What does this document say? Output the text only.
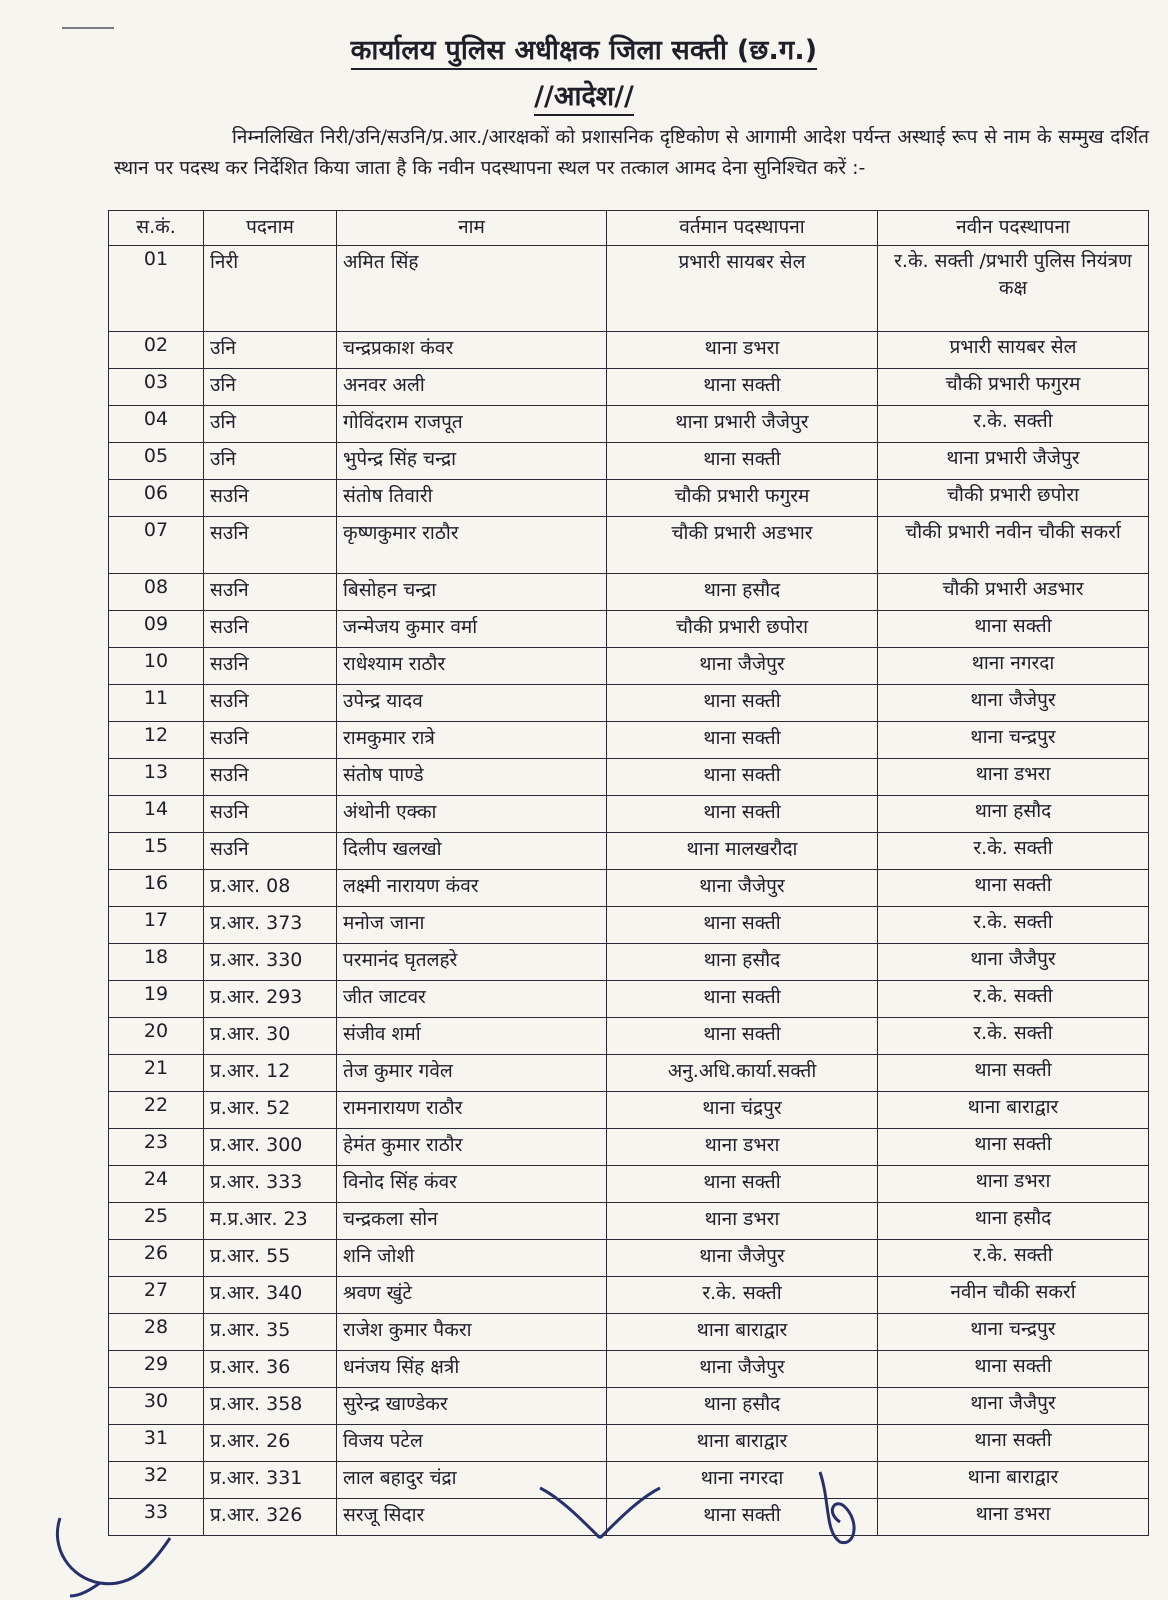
कार्यालय पुलिस अधीक्षक जिला सक्ती (छ.ग.)
//आदेश//
निम्नलिखित निरी/उनि/सउनि/प्र.आर./आरक्षकों को प्रशासनिक दृष्टिकोण से आगामी आदेश पर्यन्त अस्थाई रूप से नाम के सम्मुख दर्शित स्थान पर पदस्थ कर निर्देशित किया जाता है कि नवीन पदस्थापना स्थल पर तत्काल आमद देना सुनिश्चित करें :-
स.कं.	पदनाम	नाम	वर्तमान पदस्थापना	नवीन पदस्थापना
01	निरी	अमित सिंह	प्रभारी सायबर सेल	र.के. सक्ती /प्रभारी पुलिस नियंत्रण कक्ष
02	उनि	चन्द्रप्रकाश कंवर	थाना डभरा	प्रभारी सायबर सेल
03	उनि	अनवर अली	थाना सक्ती	चौकी प्रभारी फगुरम
04	उनि	गोविंदराम राजपूत	थाना प्रभारी जैजेपुर	र.के. सक्ती
05	उनि	भुपेन्द्र सिंह चन्द्रा	थाना सक्ती	थाना प्रभारी जैजेपुर
06	सउनि	संतोष तिवारी	चौकी प्रभारी फगुरम	चौकी प्रभारी छपोरा
07	सउनि	कृष्णकुमार राठौर	चौकी प्रभारी अडभार	चौकी प्रभारी नवीन चौकी सकर्रा
08	सउनि	बिसोहन चन्द्रा	थाना हसौद	चौकी प्रभारी अडभार
09	सउनि	जन्मेजय कुमार वर्मा	चौकी प्रभारी छपोरा	थाना सक्ती
10	सउनि	राधेश्याम राठौर	थाना जैजेपुर	थाना नगरदा
11	सउनि	उपेन्द्र यादव	थाना सक्ती	थाना जैजेपुर
12	सउनि	रामकुमार रात्रे	थाना सक्ती	थाना चन्द्रपुर
13	सउनि	संतोष पाण्डे	थाना सक्ती	थाना डभरा
14	सउनि	अंथोनी एक्का	थाना सक्ती	थाना हसौद
15	सउनि	दिलीप खलखो	थाना मालखरौदा	र.के. सक्ती
16	प्र.आर. 08	लक्ष्मी नारायण कंवर	थाना जैजेपुर	थाना सक्ती
17	प्र.आर. 373	मनोज जाना	थाना सक्ती	र.के. सक्ती
18	प्र.आर. 330	परमानंद घृतलहरे	थाना हसौद	थाना जैजैपुर
19	प्र.आर. 293	जीत जाटवर	थाना सक्ती	र.के. सक्ती
20	प्र.आर. 30	संजीव शर्मा	थाना सक्ती	र.के. सक्ती
21	प्र.आर. 12	तेज कुमार गवेल	अनु.अधि.कार्या.सक्ती	थाना सक्ती
22	प्र.आर. 52	रामनारायण राठौर	थाना चंद्रपुर	थाना बाराद्वार
23	प्र.आर. 300	हेमंत कुमार राठौर	थाना डभरा	थाना सक्ती
24	प्र.आर. 333	विनोद सिंह कंवर	थाना सक्ती	थाना डभरा
25	म.प्र.आर. 23	चन्द्रकला सोन	थाना डभरा	थाना हसौद
26	प्र.आर. 55	शनि जोशी	थाना जैजेपुर	र.के. सक्ती
27	प्र.आर. 340	श्रवण खुंटे	र.के. सक्ती	नवीन चौकी सकर्रा
28	प्र.आर. 35	राजेश कुमार पैकरा	थाना बाराद्वार	थाना चन्द्रपुर
29	प्र.आर. 36	धनंजय सिंह क्षत्री	थाना जैजेपुर	थाना सक्ती
30	प्र.आर. 358	सुरेन्द्र खाण्डेकर	थाना हसौद	थाना जैजैपुर
31	प्र.आर. 26	विजय पटेल	थाना बाराद्वार	थाना सक्ती
32	प्र.आर. 331	लाल बहादुर चंद्रा	थाना नगरदा	थाना बाराद्वार
33	प्र.आर. 326	सरजू सिदार	थाना सक्ती	थाना डभरा
